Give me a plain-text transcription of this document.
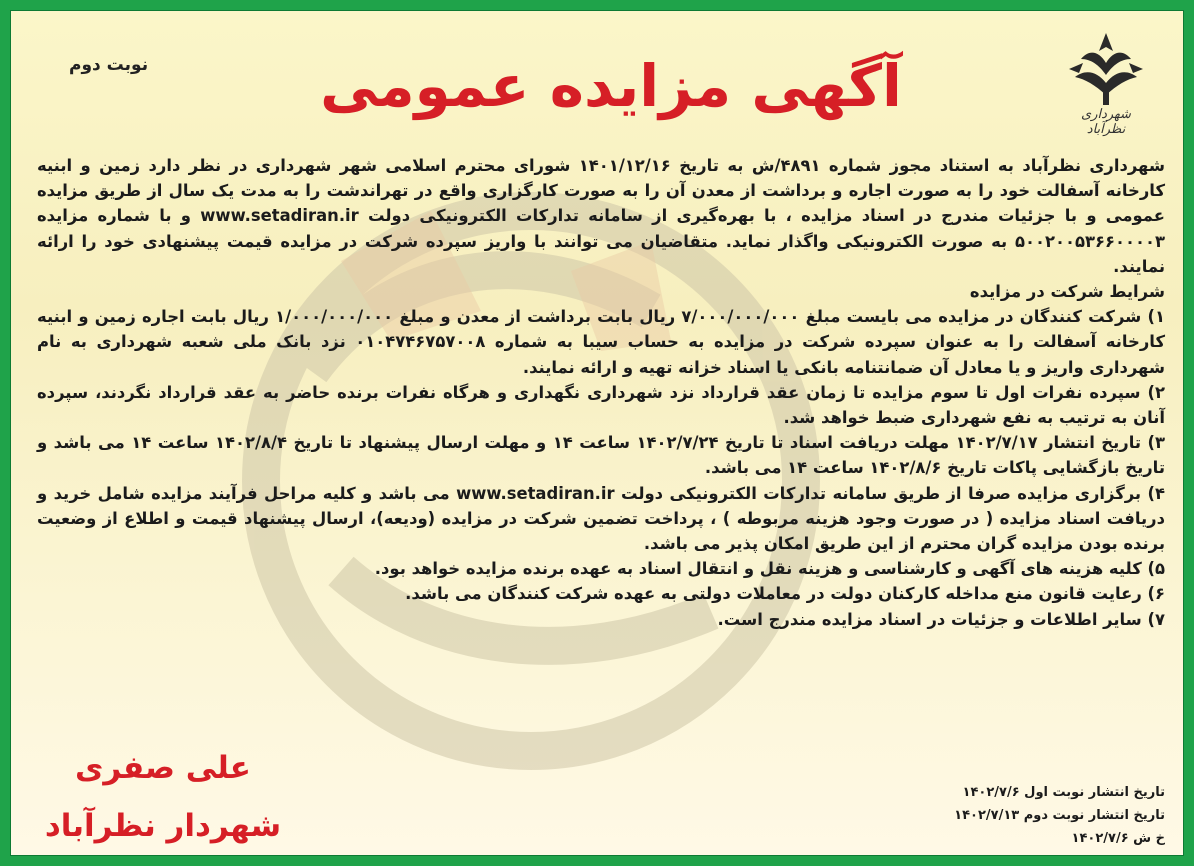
شهرداری نظرآباد
نوبت دوم	آگهی مزایده عمومی

شهرداری نظرآباد به استناد مجوز شماره ۴۸۹۱/ش به تاریخ ۱۴۰۱/۱۲/۱۶ شورای محترم اسلامی شهر شهرداری در نظر دارد زمین و ابنیه کارخانه آسفالت خود را به صورت اجاره و برداشت از معدن آن را به صورت کارگزاری واقع در تهراندشت را به مدت یک سال از طریق مزایده عمومی و با جزئیات مندرج در اسناد مزایده ، با بهره‌گیری از سامانه تدارکات الکترونیکی دولت www.setadiran.ir و با شماره مزایده ۵۰۰۲۰۰۵۳۶۶۰۰۰۰۳ به صورت الکترونیکی واگذار نماید. متقاضیان می توانند با واریز سپرده شرکت در مزایده قیمت پیشنهادی خود را ارائه نمایند.

شرایط شرکت در مزایده

۱) شرکت کنندگان در مزایده می بایست مبلغ ۷/۰۰۰/۰۰۰/۰۰۰ ریال بابت برداشت از معدن و مبلغ ۱/۰۰۰/۰۰۰/۰۰۰ ریال بابت اجاره زمین و ابنیه کارخانه آسفالت را به عنوان سپرده شرکت در مزایده به حساب سیبا به شماره ۰۱۰۴۷۴۶۷۵۷۰۰۸ نزد بانک ملی شعبه شهرداری به نام شهرداری واریز و یا معادل آن ضمانتنامه بانکی یا اسناد خزانه تهیه و ارائه نمایند.

۲) سپرده نفرات اول تا سوم مزایده تا زمان عقد قرارداد نزد شهرداری نگهداری و هرگاه نفرات برنده حاضر به عقد قرارداد نگردند، سپرده آنان به ترتیب به نفع شهرداری ضبط خواهد شد.

۳) تاریخ انتشار ۱۴۰۲/۷/۱۷ مهلت دریافت اسناد تا تاریخ ۱۴۰۲/۷/۲۴ ساعت ۱۴ و مهلت ارسال پیشنهاد تا تاریخ ۱۴۰۲/۸/۴ ساعت ۱۴ می باشد و تاریخ بازگشایی پاکات تاریخ ۱۴۰۲/۸/۶ ساعت ۱۴ می باشد.

۴) برگزاری مزایده صرفا از طریق سامانه تدارکات الکترونیکی دولت www.setadiran.ir می باشد و کلیه مراحل فرآیند مزایده شامل خرید و دریافت اسناد مزایده ( در صورت وجود هزینه مربوطه ) ، پرداخت تضمین شرکت در مزایده (ودیعه)، ارسال پیشنهاد قیمت و اطلاع از وضعیت برنده بودن مزایده گران محترم از این طریق امکان پذیر می باشد.

۵) کلیه هزینه های آگهی و کارشناسی و هزینه نقل و انتقال اسناد به عهده برنده مزایده خواهد بود.

۶) رعایت قانون منع مداخله کارکنان دولت در معاملات دولتی به عهده شرکت کنندگان می باشد.

۷) سایر اطلاعات و جزئیات در اسناد مزایده مندرج است.

تاریخ انتشار نوبت اول ۱۴۰۲/۷/۶
تاریخ انتشار نوبت دوم ۱۴۰۲/۷/۱۳
خ ش ۱۴۰۲/۷/۶
علی صفری
شهردار نظرآباد
